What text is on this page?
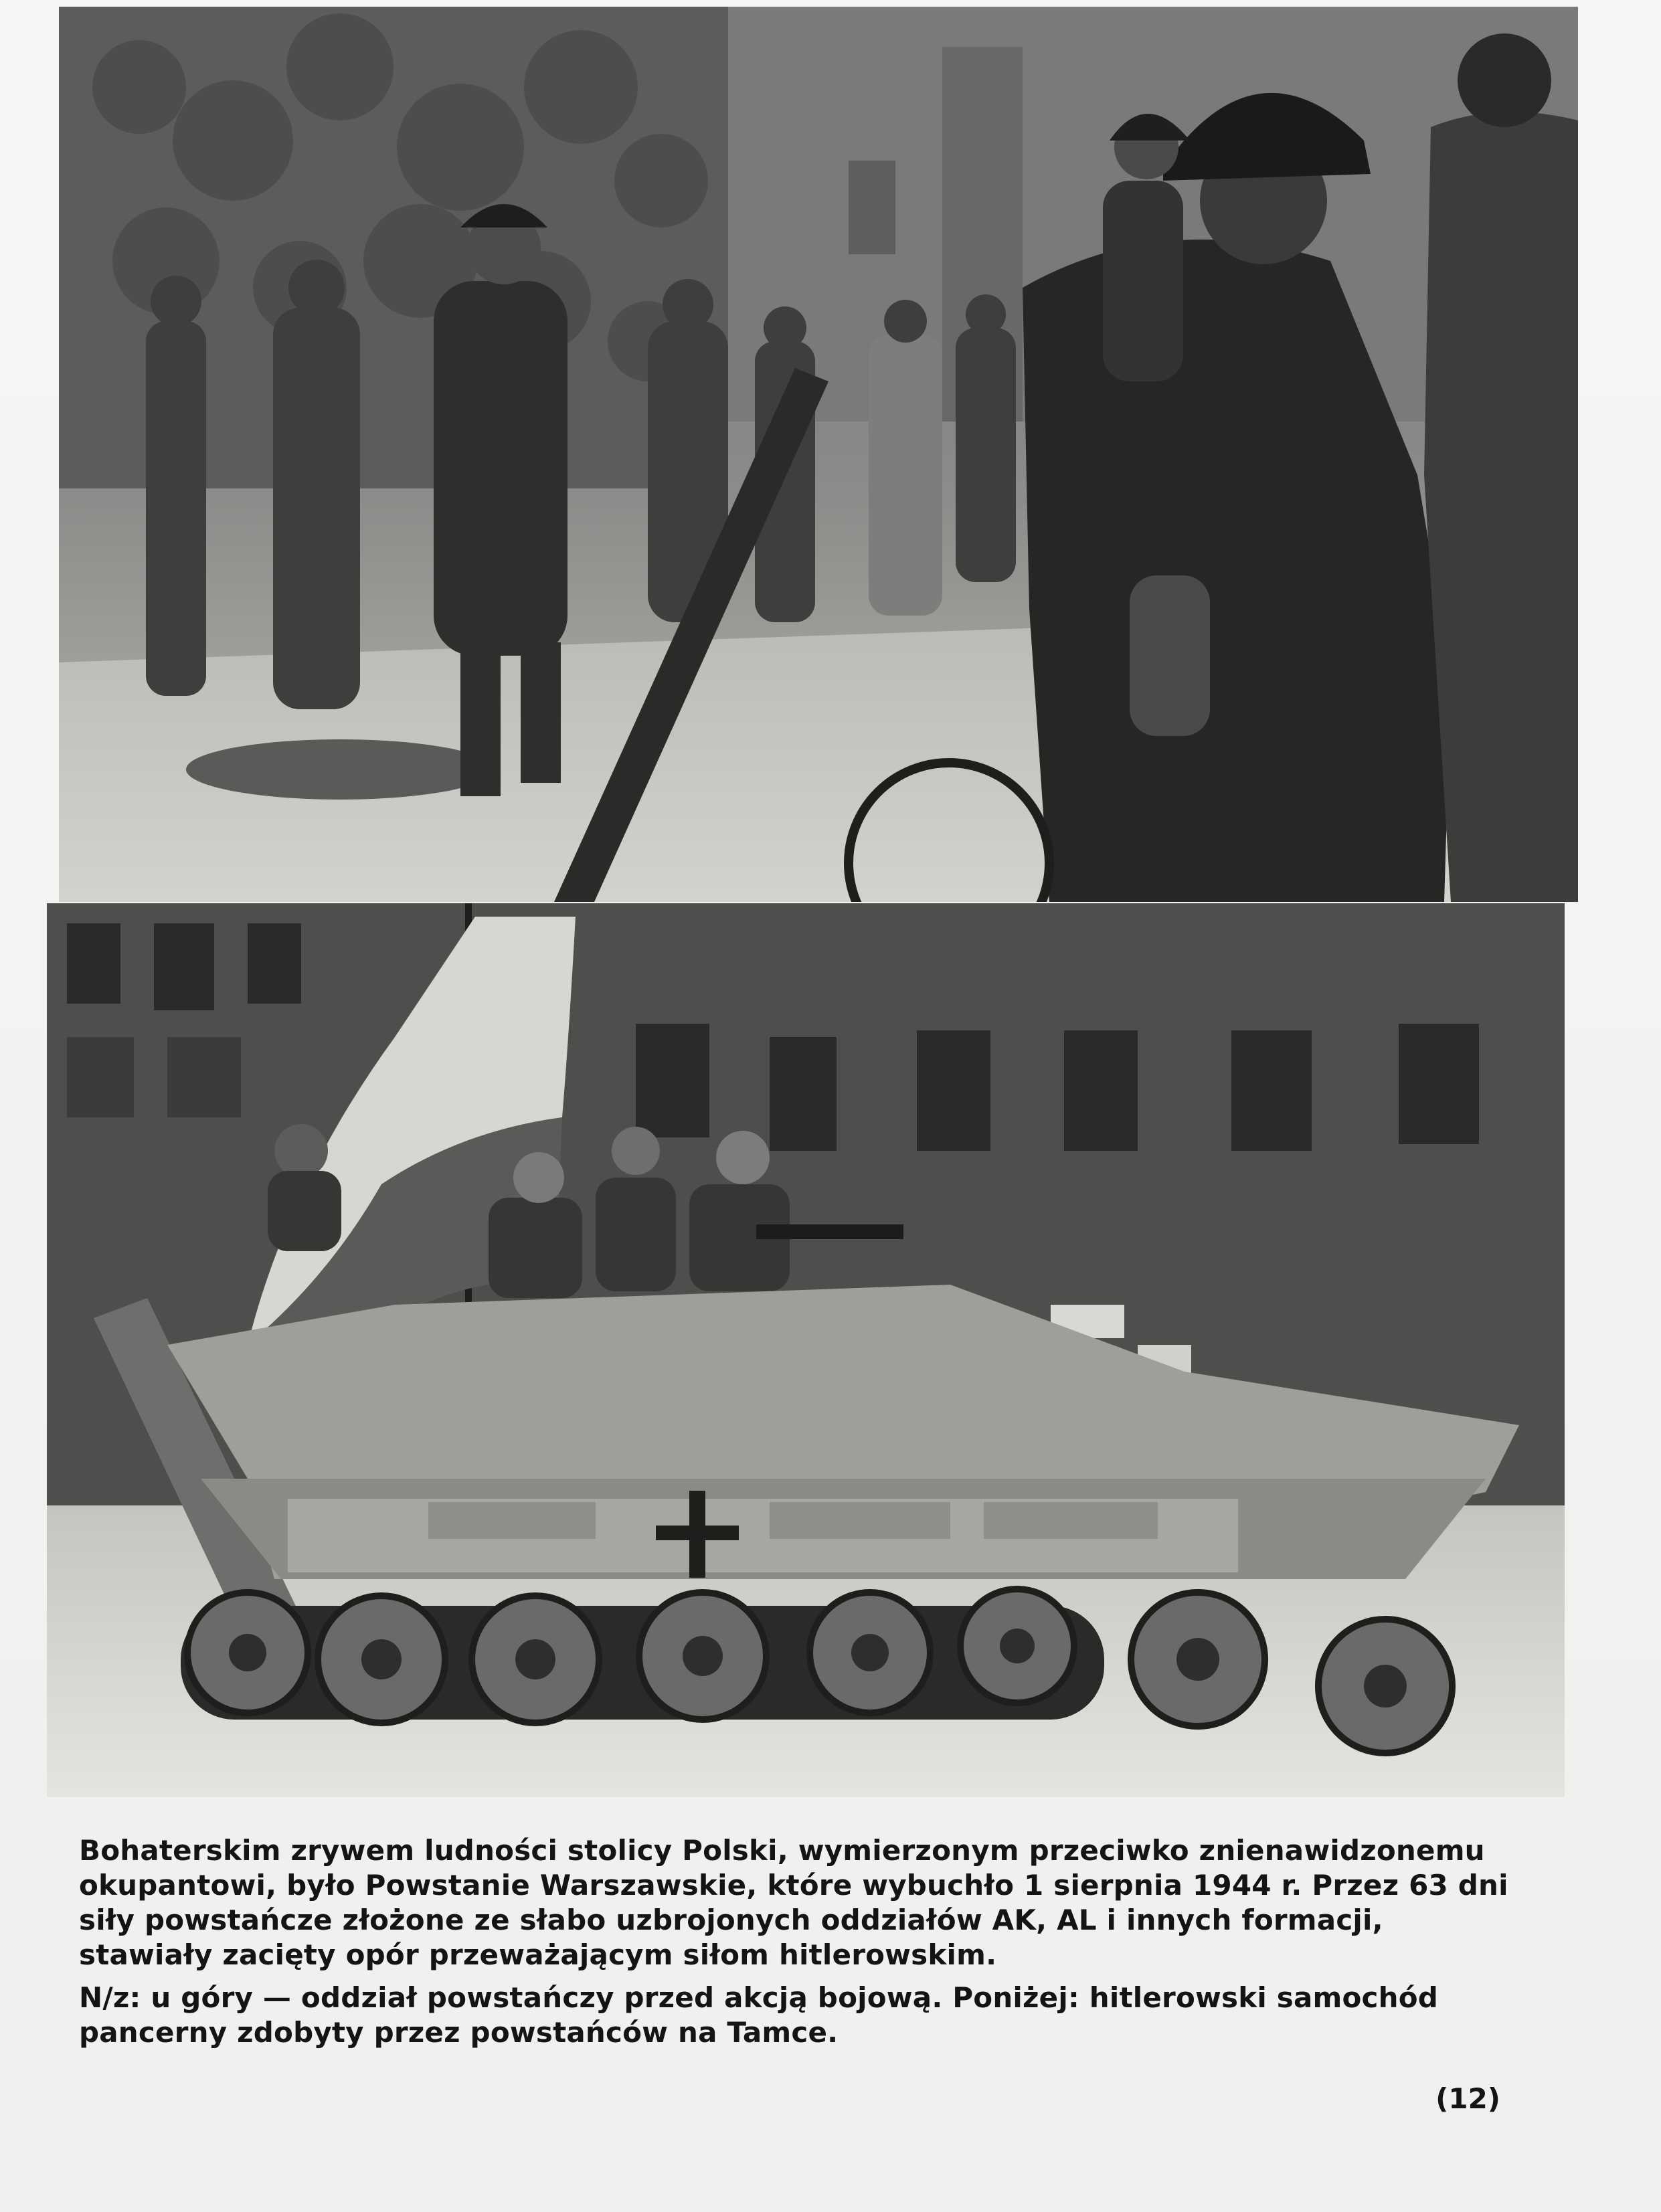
Bohaterskim zrywem ludności stolicy Polski, wymierzonym przeciwko znienawidzonemu okupantowi, było Powstanie Warszawskie, które wybuchło 1 sierpnia 1944 r. Przez 63 dni siły powstańcze złożone ze słabo uzbrojonych oddziałów AK, AL i innych formacji, stawiały zacięty opór przeważającym siłom hitlerowskim.

N/z: u góry — oddział powstańczy przed akcją bojową. Poniżej: hitlerowski samochód pancerny zdobyty przez powstańców na Tamce.

(12)
